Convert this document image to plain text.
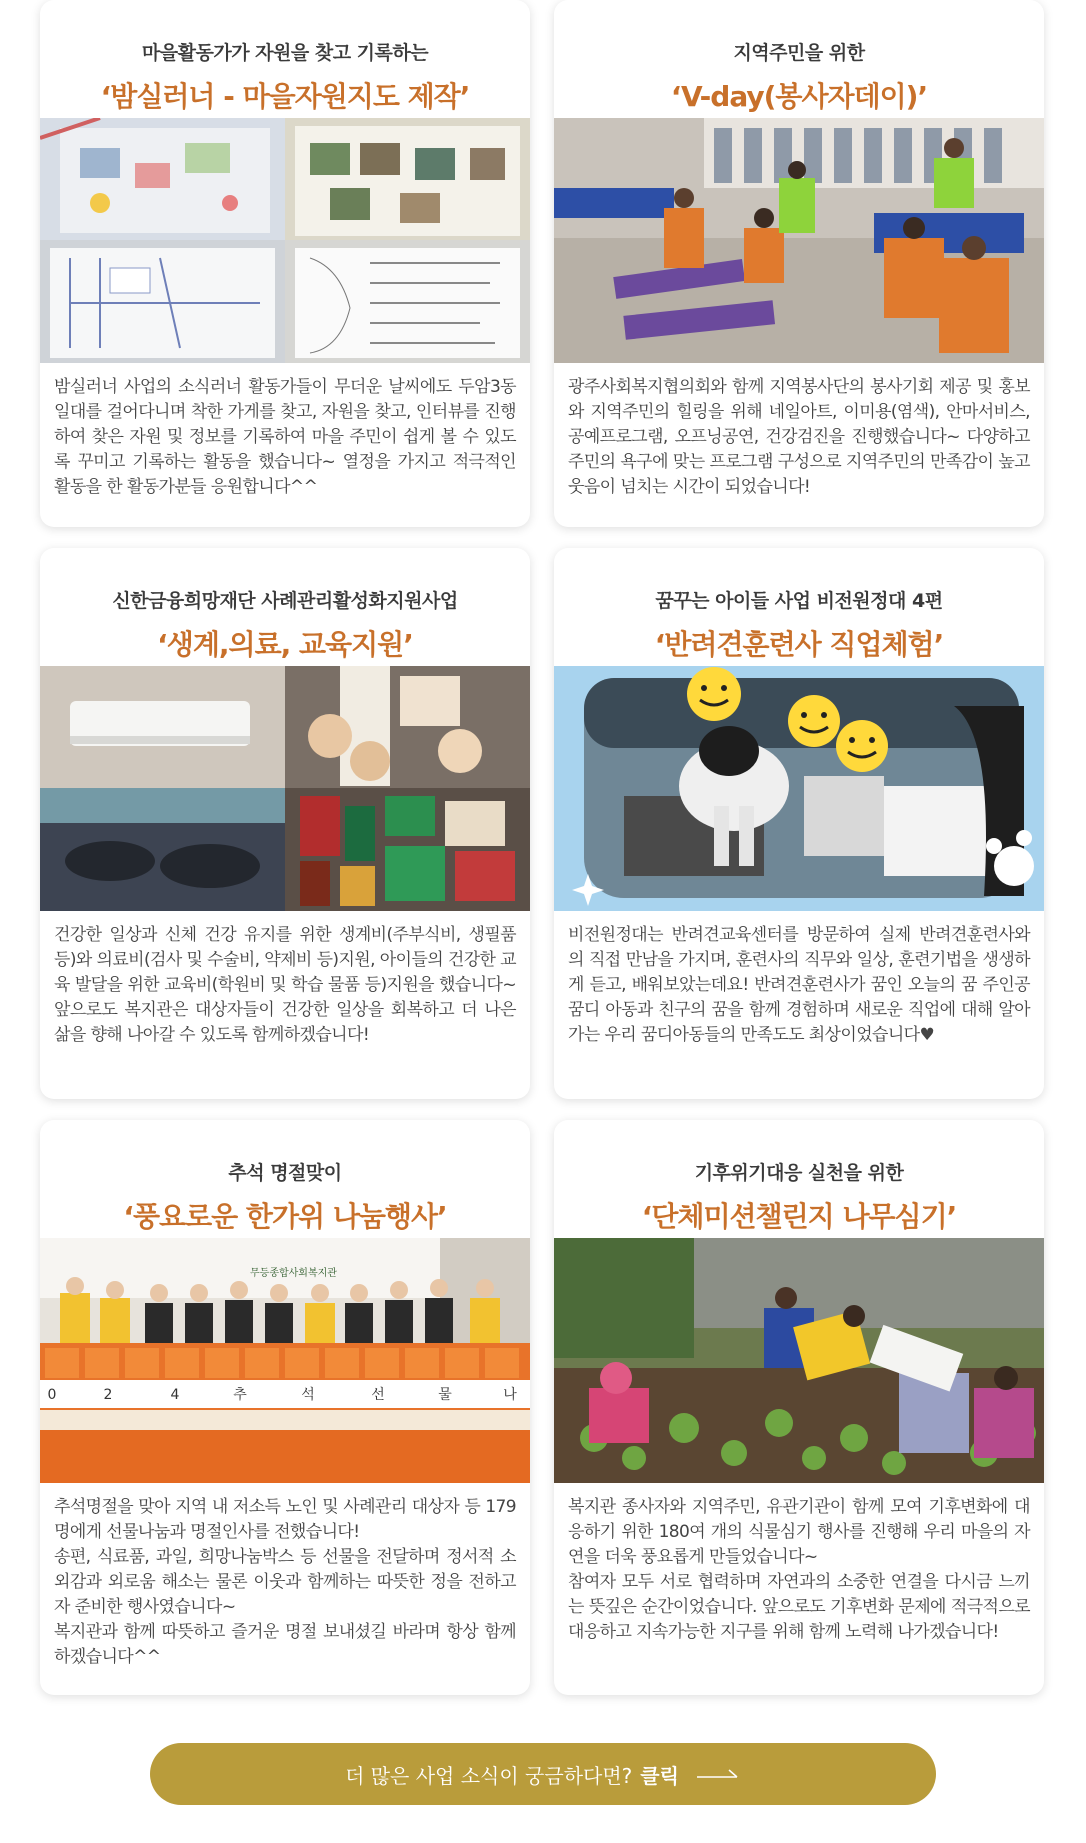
마을활동가가 자원을 찾고 기록하는
‘밤실러너 - 마을자원지도 제작’

밤실러너 사업의 소식러너 활동가들이 무더운 날씨에도 두암3동 일대를 걸어다니며 착한 가게를 찾고, 자원을 찾고, 인터뷰를 진행하여 찾은 자원 및 정보를 기록하여 마을 주민이 쉽게 볼 수 있도록 꾸미고 기록하는 활동을 했습니다~ 열정을 가지고 적극적인 활동을 한 활동가분들 응원합니다^^

지역주민을 위한
‘V-day(봉사자데이)’

광주사회복지협의회와 함께 지역봉사단의 봉사기회 제공 및 홍보와 지역주민의 힐링을 위해 네일아트, 이미용(염색), 안마서비스, 공예프로그램, 오프닝공연, 건강검진을 진행했습니다~ 다양하고 주민의 욕구에 맞는 프로그램 구성으로 지역주민의 만족감이 높고 웃음이 넘치는 시간이 되었습니다!

신한금융희망재단 사례관리활성화지원사업
‘생계,의료, 교육지원’

건강한 일상과 신체 건강 유지를 위한 생계비(주부식비, 생필품 등)와 의료비(검사 및 수술비, 약제비 등)지원, 아이들의 건강한 교육 발달을 위한 교육비(학원비 및 학습 물품 등)지원을 했습니다~ 앞으로도 복지관은 대상자들이 건강한 일상을 회복하고 더 나은 삶을 향해 나아갈 수 있도록 함께하겠습니다!

꿈꾸는 아이들 사업 비전원정대 4편
‘반려견훈련사 직업체험’

비전원정대는 반려견교육센터를 방문하여 실제 반려견훈련사와의 직접 만남을 가지며, 훈련사의 직무와 일상, 훈련기법을 생생하게 듣고, 배워보았는데요! 반려견훈련사가 꿈인 오늘의 꿈 주인공 꿈디 아동과 친구의 꿈을 함께 경험하며 새로운 직업에 대해 알아가는 우리 꿈디아동들의 만족도도 최상이었습니다♥

추석 명절맞이
‘풍요로운 한가위 나눔행사’
무등종합사회복지관
0	2	4	추	석	선	물	나

추석명절을 맞아 지역 내 저소득 노인 및 사례관리 대상자 등 179명에게 선물나눔과 명절인사를 전했습니다!

송편, 식료품, 과일, 희망나눔박스 등 선물을 전달하며 정서적 소외감과 외로움 해소는 물론 이웃과 함께하는 따뜻한 정을 전하고자 준비한 행사였습니다~

복지관과 함께 따뜻하고 즐거운 명절 보내셨길 바라며 항상 함께하겠습니다^^

기후위기대응 실천을 위한
‘단체미션챌린지 나무심기’

복지관 종사자와 지역주민, 유관기관이 함께 모여 기후변화에 대응하기 위한 180여 개의 식물심기 행사를 진행해 우리 마을의 자연을 더욱 풍요롭게 만들었습니다~

참여자 모두 서로 협력하며 자연과의 소중한 연결을 다시금 느끼는 뜻깊은 순간이었습니다. 앞으로도 기후변화 문제에 적극적으로 대응하고 지속가능한 지구를 위해 함께 노력해 나가겠습니다!

더 많은 사업 소식이 궁금하다면? 클릭
